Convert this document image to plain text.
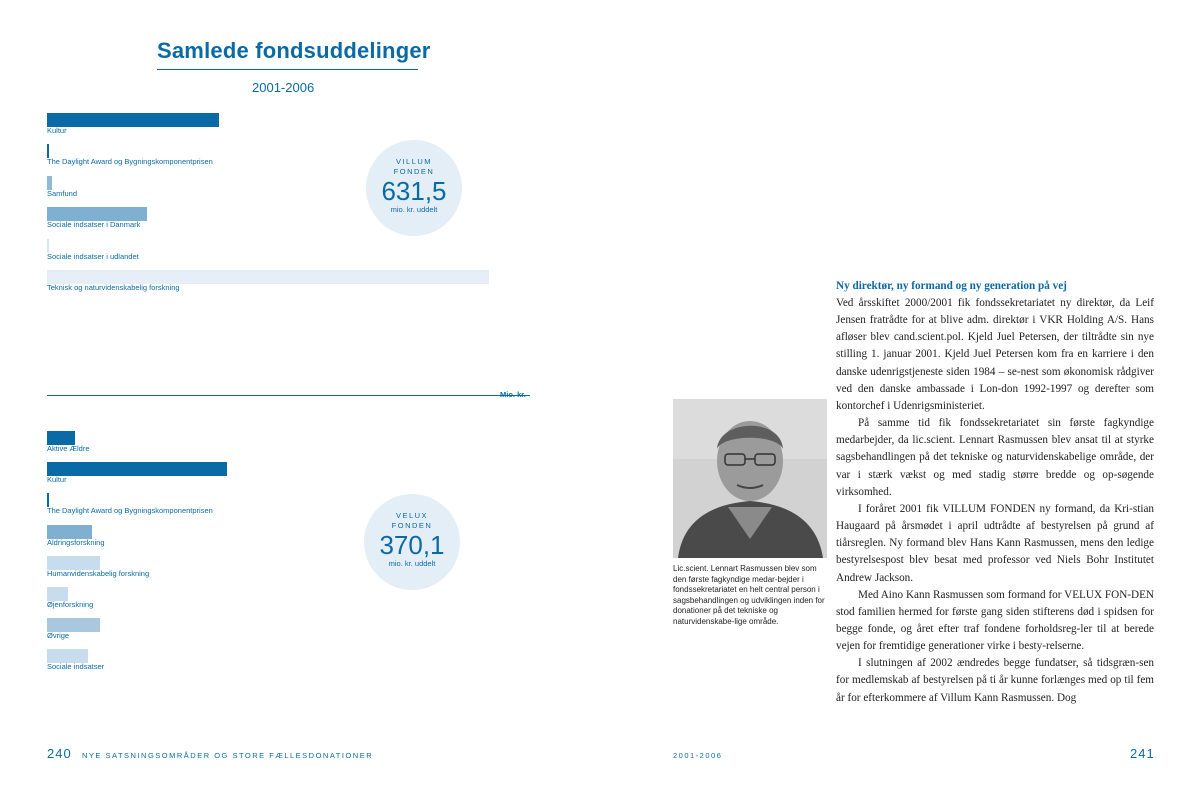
Samlede fondsuddelinger
2001-2006
Kultur
The Daylight Award og Bygningskomponentprisen
Samfund
Sociale indsatser i Danmark
Sociale indsatser i udlandet
Teknisk og naturvidenskabelig forskning
VILLUM
FONDEN
631,5
mio. kr. uddelt
Mio. kr.
Aktive Ældre
Kultur
The Daylight Award og Bygningskomponentprisen
Aldringsforskning
Humanvidenskabelig forskning
Øjenforskning
Øvrige
Sociale indsatser
VELUX
FONDEN
370,1
mio. kr. uddelt
240 NYE SATSNINGSOMRÅDER OG STORE FÆLLESDONATIONER
Lic.scient. Lennart Rasmussen blev som den første fagkyndige medar-bejder i fondssekretariatet en helt central person i sagsbehandlingen og udviklingen inden for donationer på det tekniske og naturvidenskabe-lige område.
Ny direktør, ny formand og ny generation på vej

Ved årsskiftet 2000/2001 fik fondssekretariatet ny direktør, da Leif Jensen fratrådte for at blive adm. direktør i VKR Holding A/S. Hans afløser blev cand.scient.pol. Kjeld Juel Petersen, der tiltrådte sin nye stilling 1. januar 2001. Kjeld Juel Petersen kom fra en karriere i den danske udenrigstjeneste siden 1984 – se-nest som økonomisk rådgiver ved den danske ambassade i Lon-don 1992-1997 og derefter som kontorchef i Udenrigsministeriet.

På samme tid fik fondssekretariatet sin første fagkyndige medarbejder, da lic.scient. Lennart Rasmussen blev ansat til at styrke sagsbehandlingen på det tekniske og naturvidenskabelige område, der var i stærk vækst og med stadig større bredde og op-søgende virksomhed.

I foråret 2001 fik VILLUM FONDEN ny formand, da Kri-stian Haugaard på årsmødet i april udtrådte af bestyrelsen på grund af tiårsreglen. Ny formand blev Hans Kann Rasmussen, mens den ledige bestyrelsespost blev besat med professor ved Niels Bohr Institutet Andrew Jackson.

Med Aino Kann Rasmussen som formand for VELUX FON-DEN stod familien hermed for første gang siden stifterens død i spidsen for begge fonde, og året efter traf fondene forholdsreg-ler til at berede vejen for fremtidige generationer virke i besty-relserne.

I slutningen af 2002 ændredes begge fundatser, så tidsgræn-sen for medlemskab af bestyrelsen på ti år kunne forlænges med op til fem år for efterkommere af Villum Kann Rasmussen. Dog

2001-2006	241
